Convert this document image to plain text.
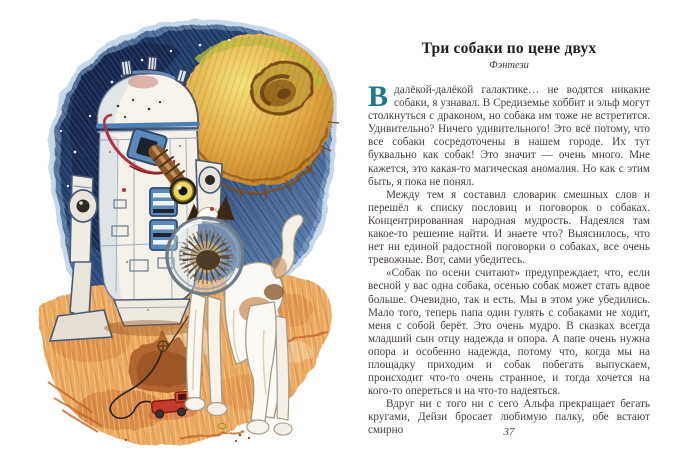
Три собаки по цене двух
Фэнтези

Вдалёкой-далёкой галактике… не водятся никакие собаки, я узнавал. В Средиземье хоббит и эльф могут столкнуться с драконом, но собака им тоже не встретится. Удивительно? Ничего удивительного! Это всё потому, что все собаки сосредоточены в нашем городе. Их тут буквально как собак! Это значит — очень много. Мне кажется, это какая-то магическая аномалия. Но как с этим быть, я пока не понял.

Между тем я составил словарик смешных слов и перешёл к списку пословиц и поговорок о собаках. Концентрированная народная мудрость. Надеялся там какое-то решение найти. И знаете что? Выяснилось, что нет ни единой радостной поговорки о собаках, все очень тревожные. Вот, сами убедитесь.

«Собак по осени считают» предупреждает, что, если весной у вас одна собака, осенью собак может стать вдвое больше. Очевидно, так и есть. Мы в этом уже убедились. Мало того, теперь папа один гулять с собаками не ходит, меня с собой берёт. Это очень мудро. В сказках всегда младший сын отцу надежда и опора. А папе очень нужна опора и особенно надежда, потому что, когда мы на площадку приходим и собак побегать выпускаем, происходит что-то очень странное, и тогда хочется на кого-то опереться и на что-то надеяться.

Вдруг ни с того ни с сего Альфа прекращает бегать кругами, Дейзи бросает любимую палку, обе встают смирно	37
